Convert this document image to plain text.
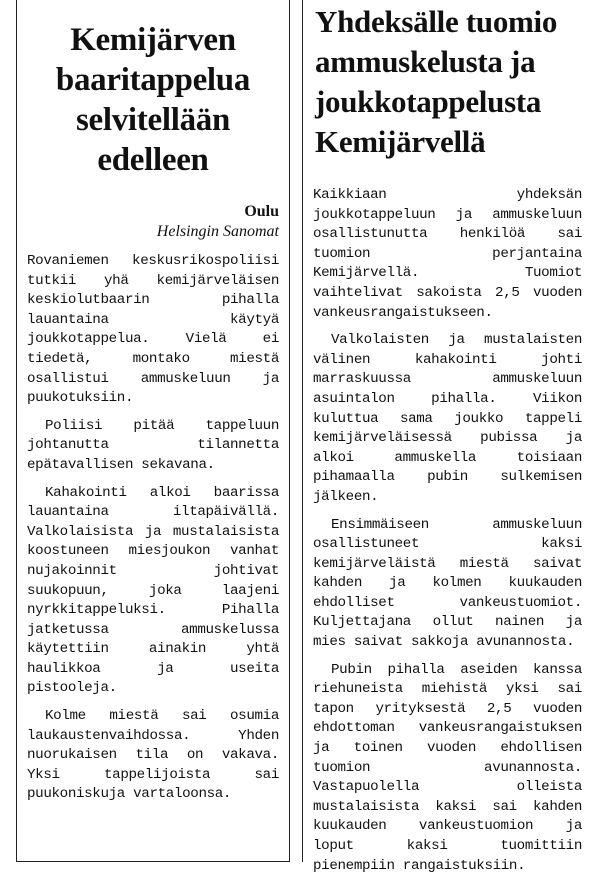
Kemijärven baaritappelua selvitellään edelleen
Oulu
Helsingin Sanomat

Rovaniemen keskusrikospoliisi tutkii yhä kemijärveläisen keskiolutbaarin pihalla lauantaina käytyä joukkotappelua. Vielä ei tiedetä, montako miestä osallistui ammuskeluun ja puukotuksiin.

Poliisi pitää tappeluun johtanutta tilannetta epätavallisen sekavana.

Kahakointi alkoi baarissa lauantaina iltapäivällä. Valkolaisista ja mustalaisista koostuneen miesjoukon vanhat nujakoinnit johtivat suukopuun, joka laajeni nyrkkitappeluksi. Pihalla jatketussa ammuskelussa käytettiin ainakin yhtä haulikkoa ja useita pistooleja.

Kolme miestä sai osumia laukaustenvaihdossa. Yhden nuorukaisen tila on vakava. Yksi tappelijoista sai puukoniskuja vartaloonsa.

Yhdeksälle tuomio ammuskelusta ja joukkotappelusta Kemijärvellä

Kaikkiaan yhdeksän joukkotappeluun ja ammuskeluun osallistunutta henkilöä sai tuomion perjantaina Kemijärvellä. Tuomiot vaihtelivat sakoista 2,5 vuoden vankeusrangaistukseen.

Valkolaisten ja mustalaisten välinen kahakointi johti marraskuussa ammuskeluun asuintalon pihalla. Viikon kuluttua sama joukko tappeli kemijärveläisessä pubissa ja alkoi ammuskella toisiaan pihamaalla pubin sulkemisen jälkeen.

Ensimmäiseen ammuskeluun osallistuneet kaksi kemijärveläistä miestä saivat kahden ja kolmen kuukauden ehdolliset vankeustuomiot. Kuljettajana ollut nainen ja mies saivat sakkoja avunannosta.

Pubin pihalla aseiden kanssa riehuneista miehistä yksi sai tapon yrityksestä 2,5 vuoden ehdottoman vankeusrangaistuksen ja toinen vuoden ehdollisen tuomion avunannosta. Vastapuolella olleista mustalaisista kaksi sai kahden kuukauden vankeustuomion ja loput kaksi tuomittiin pienempiin rangaistuksiin.
